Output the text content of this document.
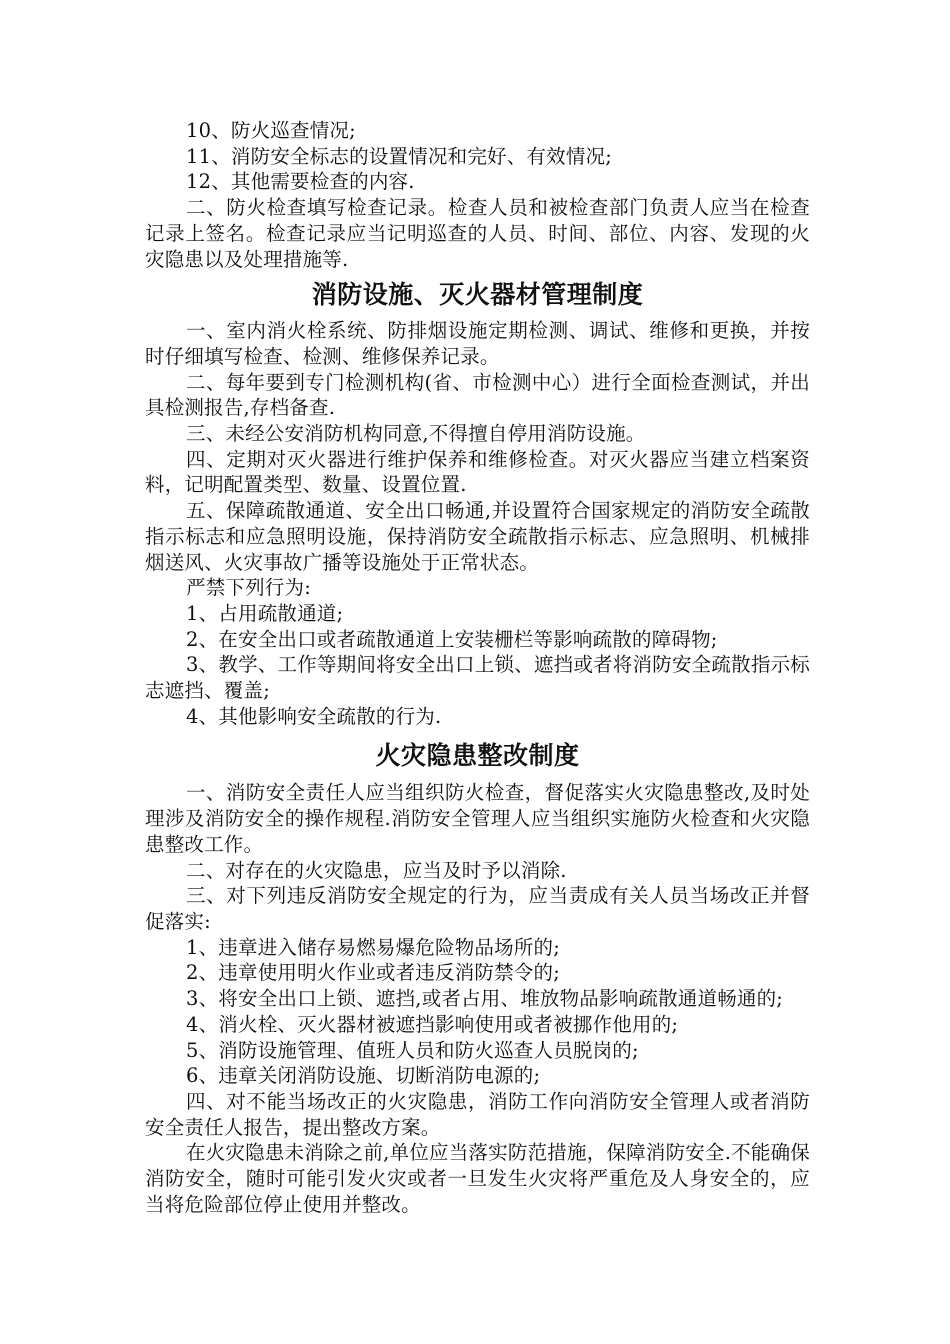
10、防火巡查情况;

11、消防安全标志的设置情况和完好、有效情况;

12、其他需要检查的内容.

二、防火检查填写检查记录。检查人员和被检查部门负责人应当在检查记录上签名。检查记录应当记明巡查的人员、时间、部位、内容、发现的火灾隐患以及处理措施等.

消防设施、灭火器材管理制度

一、室内消火栓系统、防排烟设施定期检测、调试、维修和更换，并按时仔细填写检查、检测、维修保养记录。

二、每年要到专门检测机构(省、市检测中心）进行全面检查测试，并出具检测报告,存档备查.

三、未经公安消防机构同意,不得擅自停用消防设施。

四、定期对灭火器进行维护保养和维修检查。对灭火器应当建立档案资料，记明配置类型、数量、设置位置.

五、保障疏散通道、安全出口畅通,并设置符合国家规定的消防安全疏散指示标志和应急照明设施，保持消防安全疏散指示标志、应急照明、机械排烟送风、火灾事故广播等设施处于正常状态。

严禁下列行为:

1、占用疏散通道;

2、在安全出口或者疏散通道上安装栅栏等影响疏散的障碍物;

3、教学、工作等期间将安全出口上锁、遮挡或者将消防安全疏散指示标志遮挡、覆盖;

4、其他影响安全疏散的行为.

火灾隐患整改制度

一、消防安全责任人应当组织防火检查，督促落实火灾隐患整改,及时处理涉及消防安全的操作规程.消防安全管理人应当组织实施防火检查和火灾隐患整改工作。

二、对存在的火灾隐患，应当及时予以消除.

三、对下列违反消防安全规定的行为，应当责成有关人员当场改正并督促落实:

1、违章进入储存易燃易爆危险物品场所的;

2、违章使用明火作业或者违反消防禁令的;

3、将安全出口上锁、遮挡,或者占用、堆放物品影响疏散通道畅通的;

4、消火栓、灭火器材被遮挡影响使用或者被挪作他用的;

5、消防设施管理、值班人员和防火巡查人员脱岗的;

6、违章关闭消防设施、切断消防电源的;

四、对不能当场改正的火灾隐患，消防工作向消防安全管理人或者消防安全责任人报告，提出整改方案。

在火灾隐患未消除之前,单位应当落实防范措施，保障消防安全.不能确保消防安全，随时可能引发火灾或者一旦发生火灾将严重危及人身安全的，应当将危险部位停止使用并整改。
